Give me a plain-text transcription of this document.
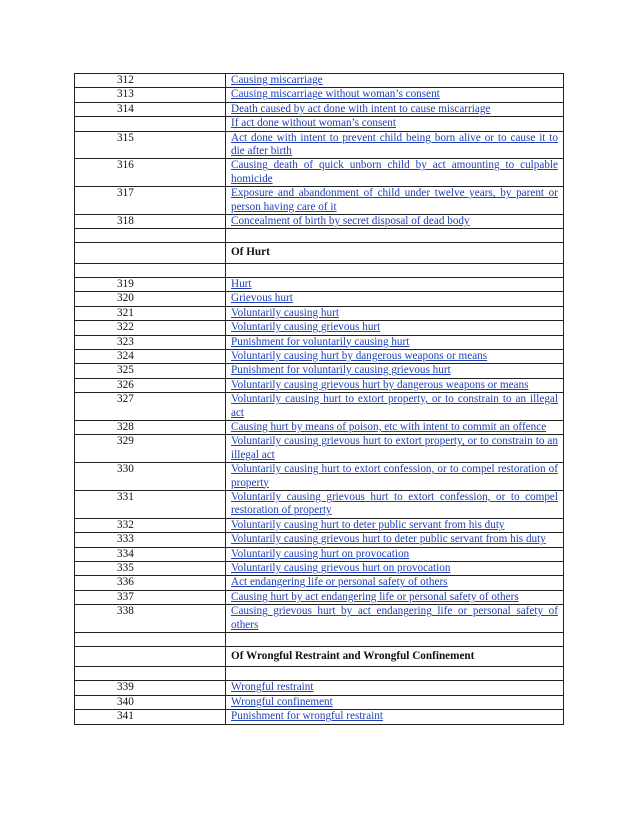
312	Causing miscarriage
313	Causing miscarriage without woman’s consent
314	Death caused by act done with intent to cause miscarriage
	If act done without woman’s consent
315	Act done with intent to prevent child being born alive or to cause it to die after birth
316	Causing death of quick unborn child by act amounting to culpable homicide
317	Exposure and abandonment of child under twelve years, by parent or person having care of it
318	Concealment of birth by secret disposal of dead body

	Of Hurt

319	Hurt
320	Grievous hurt
321	Voluntarily causing hurt
322	Voluntarily causing grievous hurt
323	Punishment for voluntarily causing hurt
324	Voluntarily causing hurt by dangerous weapons or means
325	Punishment for voluntarily causing grievous hurt
326	Voluntarily causing grievous hurt by dangerous weapons or means
327	Voluntarily causing hurt to extort property, or to constrain to an illegal act
328	Causing hurt by means of poison, etc with intent to commit an offence
329	Voluntarily causing grievous hurt to extort property, or to constrain to an illegal act
330	Voluntarily causing hurt to extort confession, or to compel restoration of property
331	Voluntarily causing grievous hurt to extort confession, or to compel restoration of property
332	Voluntarily causing hurt to deter public servant from his duty
333	Voluntarily causing grievous hurt to deter public servant from his duty
334	Voluntarily causing hurt on provocation
335	Voluntarily causing grievous hurt on provocation
336	Act endangering life or personal safety of others
337	Causing hurt by act endangering life or personal safety of others
338	Causing grievous hurt by act endangering life or personal safety of others

	Of Wrongful Restraint and Wrongful Confinement

339	Wrongful restraint
340	Wrongful confinement
341	Punishment for wrongful restraint
